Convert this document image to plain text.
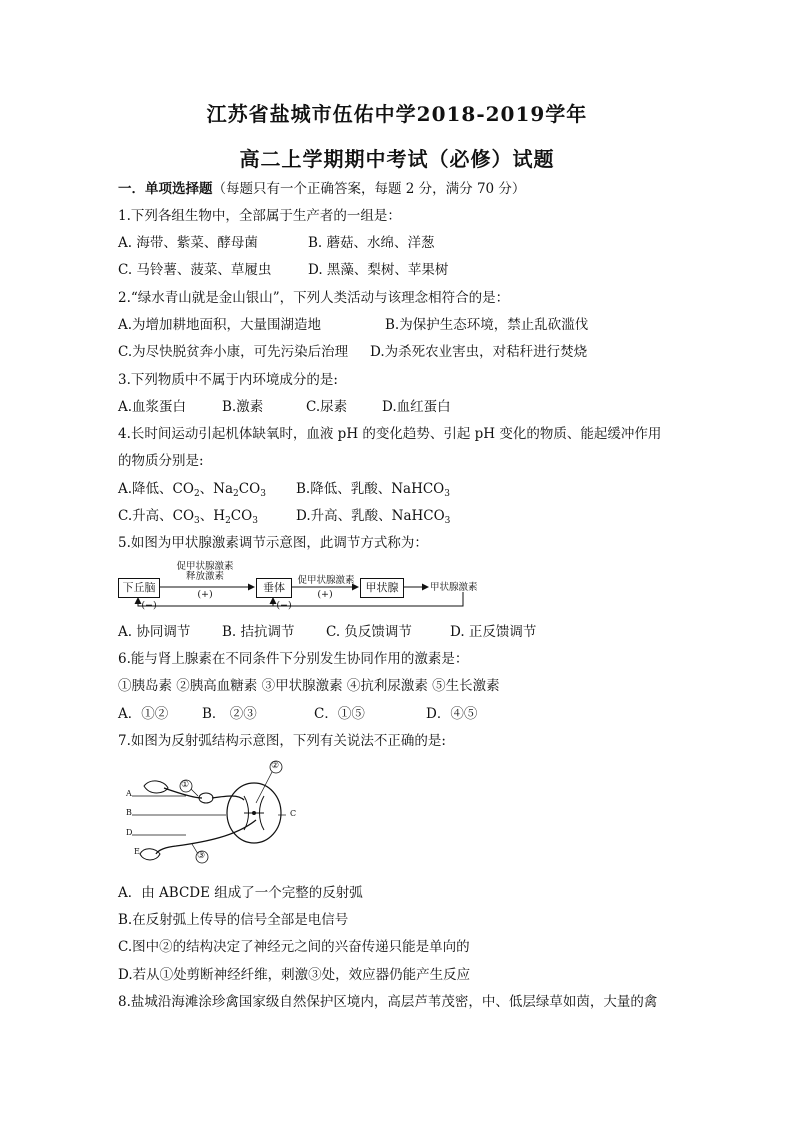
江苏省盐城市伍佑中学2018-2019学年
高二上学期期中考试（必修）试题
一．单项选择题（每题只有一个正确答案，每题 2 分，满分 70 分）
1.下列各组生物中，全部属于生产者的一组是：
A. 海带、紫菜、酵母菌	B. 蘑菇、水绵、洋葱
C. 马铃薯、菠菜、草履虫	D. 黑藻、梨树、苹果树
2.“绿水青山就是金山银山”，下列人类活动与该理念相符合的是：
A.为增加耕地面积，大量围湖造地	B.为保护生态环境，禁止乱砍滥伐
C.为尽快脱贫奔小康，可先污染后治理 D.为杀死农业害虫，对秸秆进行焚烧
3.下列物质中不属于内环境成分的是:
A.血浆蛋白	B.激素	C.尿素	D.血红蛋白
4.长时间运动引起机体缺氧时，血液 pH 的变化趋势、引起 pH 变化的物质、能起缓冲作用
的物质分别是:
A.降低、$CO_2$、$Na_2CO_3$ B.降低、乳酸、NaHCO$_3$
C.升高、$CO_3$、$H_2CO_3$	D.升高、乳酸、NaHCO$_3$
5.如图为甲状腺激素调节示意图，此调节方式称为：
下丘脑	垂体	甲状腺	甲状腺激素
促甲状腺激素
释放激素
(+)
促甲状腺激素
(+)
(−)	(−)
A. 协同调节 B. 拮抗调节 C. 负反馈调节	D. 正反馈调节
6.能与肾上腺素在不同条件下分别发生协同作用的激素是：
①胰岛素 ②胰高血糖素 ③甲状腺激素 ④抗利尿激素 ⑤生长激素
A．①②	B． ②③	C．①⑤	D．④⑤
7.如图为反射弧结构示意图，下列有关说法不正确的是:
A
B
D
E
C
①
②
③
A．由 ABCDE 组成了一个完整的反射弧
B.在反射弧上传导的信号全部是电信号
C.图中②的结构决定了神经元之间的兴奋传递只能是单向的
D.若从①处剪断神经纤维，刺激③处，效应器仍能产生反应
8.盐城沿海滩涂珍禽国家级自然保护区境内，高层芦苇茂密，中、低层绿草如茵，大量的禽
